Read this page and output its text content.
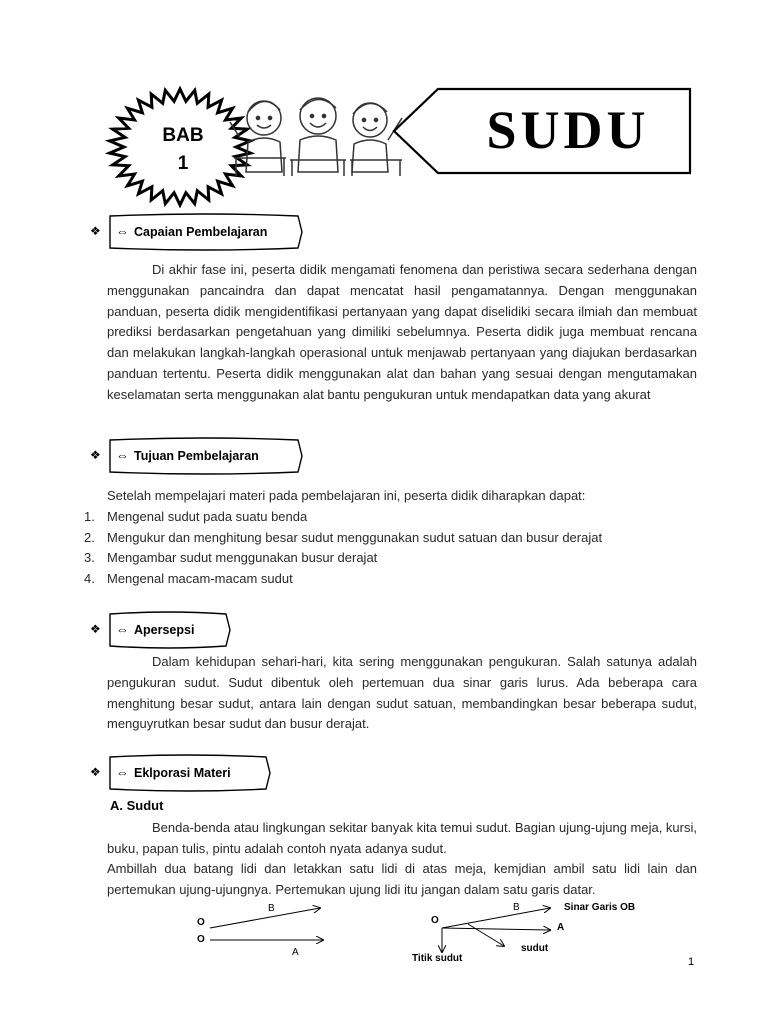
BAB
1
SUDU
❖	⇔ Capaian Pembelajaran
Di akhir fase ini, peserta didik mengamati fenomena dan peristiwa secara sederhana dengan menggunakan pancaindra dan dapat mencatat hasil pengamatannya. Dengan menggunakan panduan, peserta didik mengidentifikasi pertanyaan yang dapat diselidiki secara ilmiah dan membuat prediksi berdasarkan pengetahuan yang dimiliki sebelumnya. Peserta didik juga membuat rencana dan melakukan langkah-langkah operasional untuk menjawab pertanyaan yang diajukan berdasarkan panduan tertentu. Peserta didik menggunakan alat dan bahan yang sesuai dengan mengutamakan keselamatan serta menggunakan alat bantu pengukuran untuk mendapatkan data yang akurat
❖	⇔ Tujuan Pembelajaran
Setelah mempelajari materi pada pembelajaran ini, peserta didik diharapkan dapat:
1. Mengenal sudut pada suatu benda
2. Mengukur dan menghitung besar sudut menggunakan sudut satuan dan busur derajat
3. Mengambar sudut menggunakan busur derajat
4. Mengenal macam-macam sudut
❖	⇔ Apersepsi
Dalam kehidupan sehari-hari, kita sering menggunakan pengukuran. Salah satunya adalah pengukuran sudut. Sudut dibentuk oleh pertemuan dua sinar garis lurus. Ada beberapa cara menghitung besar sudut, antara lain dengan sudut satuan, membandingkan besar beberapa sudut, menguyrutkan besar sudut dan busur derajat.
❖	⇔ Eklporasi Materi
A. Sudut
Benda-benda atau lingkungan sekitar banyak kita temui sudut. Bagian ujung-ujung meja, kursi, buku, papan tulis, pintu adalah contoh nyata adanya sudut.
Ambillah dua batang lidi dan letakkan satu lidi di atas meja, kemjdian ambil satu lidi lain dan pertemukan ujung-ujungnya. Pertemukan ujung lidi itu jangan dalam satu garis datar.
O
O
B
A
O
B	Sinar Garis OB
A
sudut
Titik sudut	1
